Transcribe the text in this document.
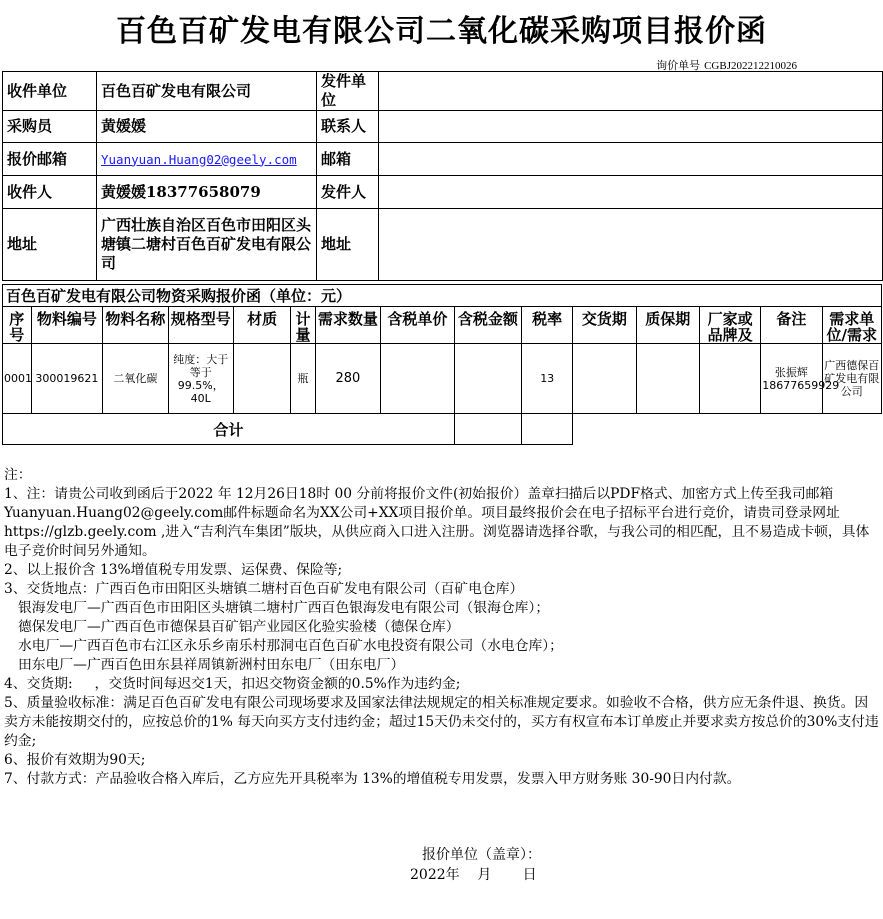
百色百矿发电有限公司二氧化碳采购项目报价函
询价单号 CGBJ202212210026
收件单位	百色百矿发电有限公司	发件单位	
采购员	黄媛媛	联系人	
报价邮箱	Yuanyuan.Huang02@geely.com	邮箱	
收件人	黄媛媛18377658079	发件人	
地址	广西壮族自治区百色市田阳区头塘镇二塘村百色百矿发电有限公司	地址	
百色百矿发电有限公司物资采购报价函（单位：元）														
序号	物料编号	物料名称	规格型号	材质	计量	需求数量	含税单价	含税金额	税率	交货期	质保期	厂家或品牌及	备注	需求单位/需求
0001	300019621	二氧化碳	纯度：大于等于99.5%，40L		瓶	280			13				张振辉18677659929	广西德保百矿发电有限公司
合计														

注：

1、注：请贵公司收到函后于2022 年 12月26日18时 00 分前将报价文件(初始报价）盖章扫描后以PDF格式、加密方式上传至我司邮箱Yuanyuan.Huang02@geely.com邮件标题命名为XX公司+XX项目报价单。项目最终报价会在电子招标平台进行竞价，请贵司登录网址https://glzb.geely.com ,进入“吉利汽车集团”版块，从供应商入口进入注册。浏览器请选择谷歌，与我公司的相匹配，且不易造成卡顿，具体电子竞价时间另外通知。

2、以上报价含 13%增值税专用发票、运保费、保险等;

3、交货地点：广西百色市田阳区头塘镇二塘村百色百矿发电有限公司（百矿电仓库）

银海发电厂—广西百色市田阳区头塘镇二塘村广西百色银海发电有限公司（银海仓库）；

德保发电厂—广西百色市德保县百矿铝产业园区化验实验楼（德保仓库）

水电厂—广西百色市右江区永乐乡南乐村那洞屯百色百矿水电投资有限公司（水电仓库）；

田东电厂—广西百色田东县祥周镇新洲村田东电厂（田东电厂）

4、交货期:     ，交货时间每迟交1天，扣迟交物资金额的0.5%作为违约金;

5、质量验收标准：满足百色百矿发电有限公司现场要求及国家法律法规规定的相关标准规定要求。如验收不合格，供方应无条件退、换货。因卖方未能按期交付的，应按总价的1% 每天向买方支付违约金；超过15天仍未交付的，买方有权宣布本订单废止并要求卖方按总价的30%支付违约金;

6、报价有效期为90天;

7、付款方式：产品验收合格入库后，乙方应先开具税率为 13%的增值税专用发票，发票入甲方财务账 30-90日内付款。

报价单位（盖章）：
2022年    月       日
